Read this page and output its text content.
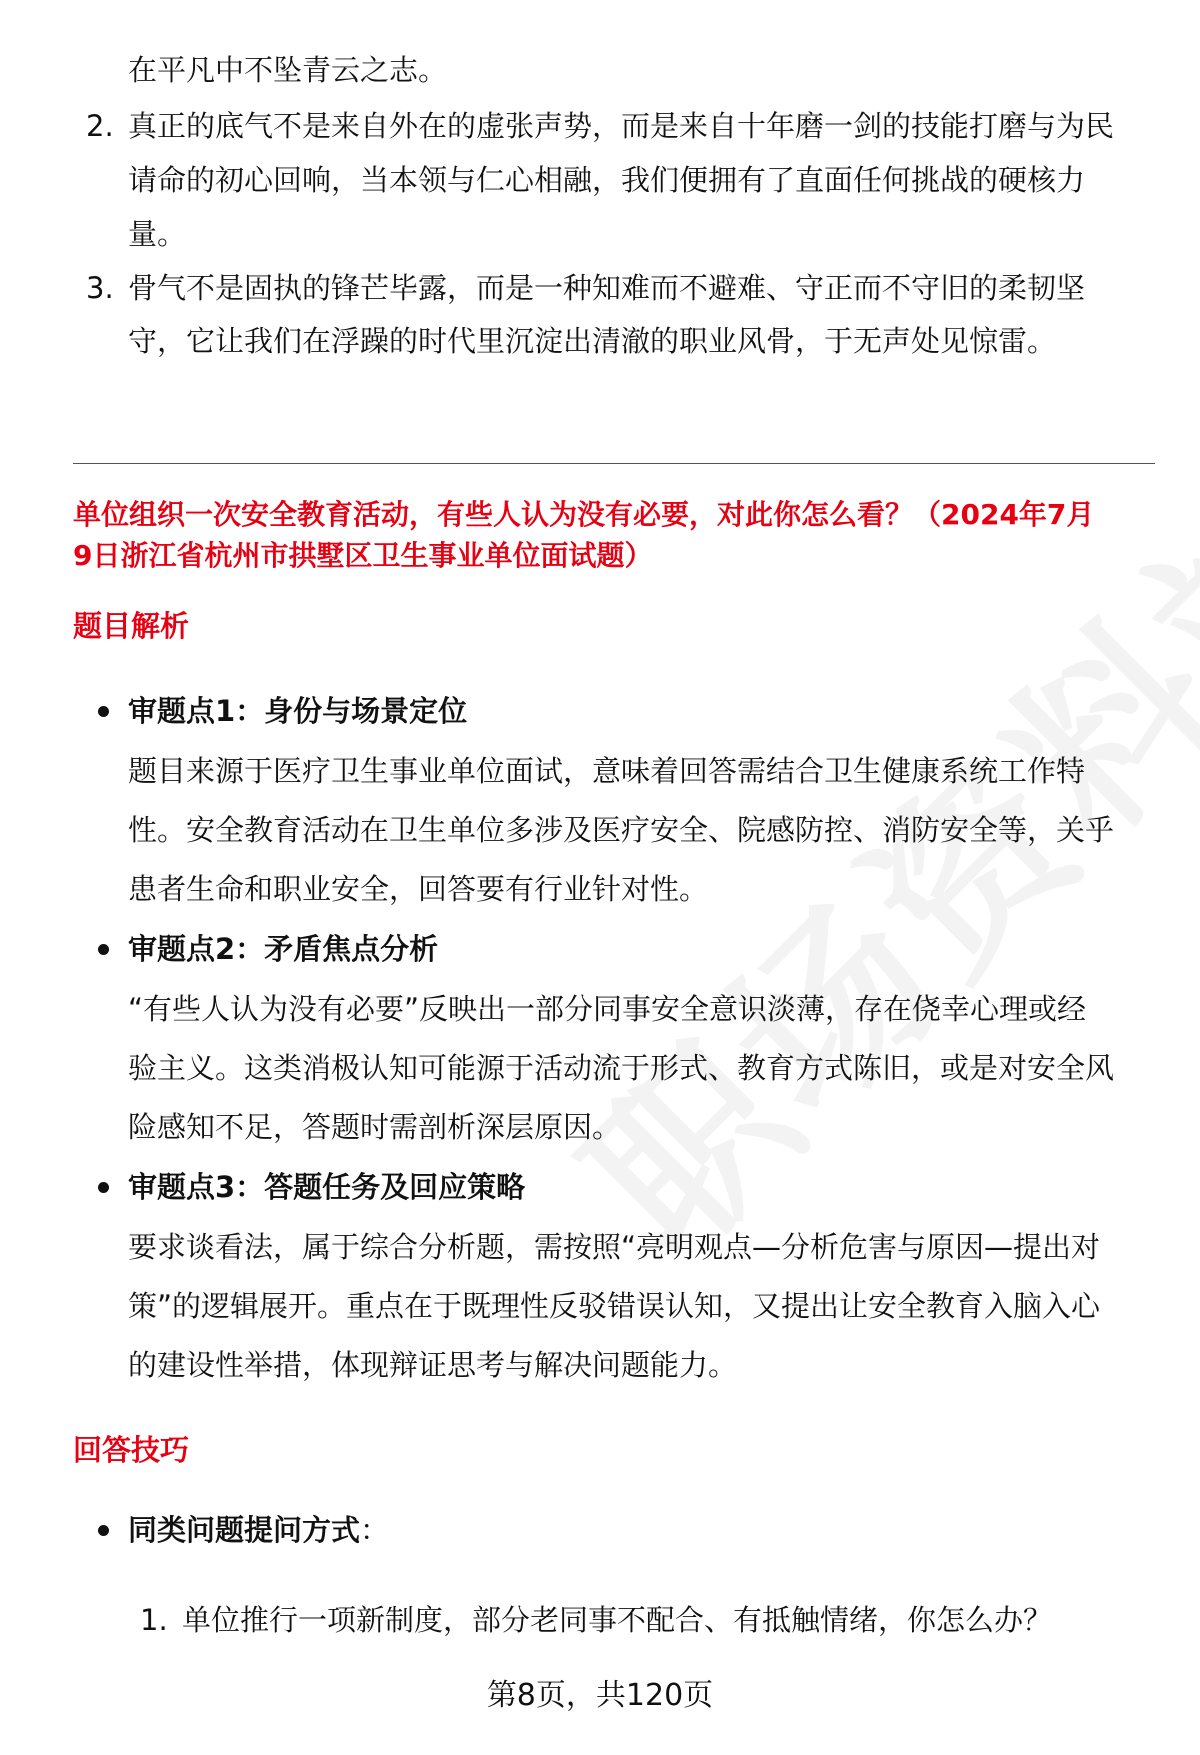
在平凡中不坠青云之志。
2. 真正的底气不是来自外在的虚张声势，而是来自十年磨一剑的技能打磨与为民
请命的初心回响，当本领与仁心相融，我们便拥有了直面任何挑战的硬核力
量。
3. 骨气不是固执的锋芒毕露，而是一种知难而不避难、守正而不守旧的柔韧坚
守，它让我们在浮躁的时代里沉淀出清澈的职业风骨，于无声处见惊雷。
单位组织一次安全教育活动，有些人认为没有必要，对此你怎么看？（2024年7月
9日浙江省杭州市拱墅区卫生事业单位面试题）
题目解析
审题点1：身份与场景定位
题目来源于医疗卫生事业单位面试，意味着回答需结合卫生健康系统工作特
性。安全教育活动在卫生单位多涉及医疗安全、院感防控、消防安全等，关乎
患者生命和职业安全，回答要有行业针对性。
审题点2：矛盾焦点分析
“有些人认为没有必要”反映出一部分同事安全意识淡薄，存在侥幸心理或经
验主义。这类消极认知可能源于活动流于形式、教育方式陈旧，或是对安全风
险感知不足，答题时需剖析深层原因。
审题点3：答题任务及回应策略
要求谈看法，属于综合分析题，需按照“亮明观点—分析危害与原因—提出对
策”的逻辑展开。重点在于既理性反驳错误认知，又提出让安全教育入脑入心
的建设性举措，体现辩证思考与解决问题能力。
回答技巧
同类问题提问方式：
1. 单位推行一项新制度，部分老同事不配合、有抵触情绪，你怎么办？
第8页，共120页
